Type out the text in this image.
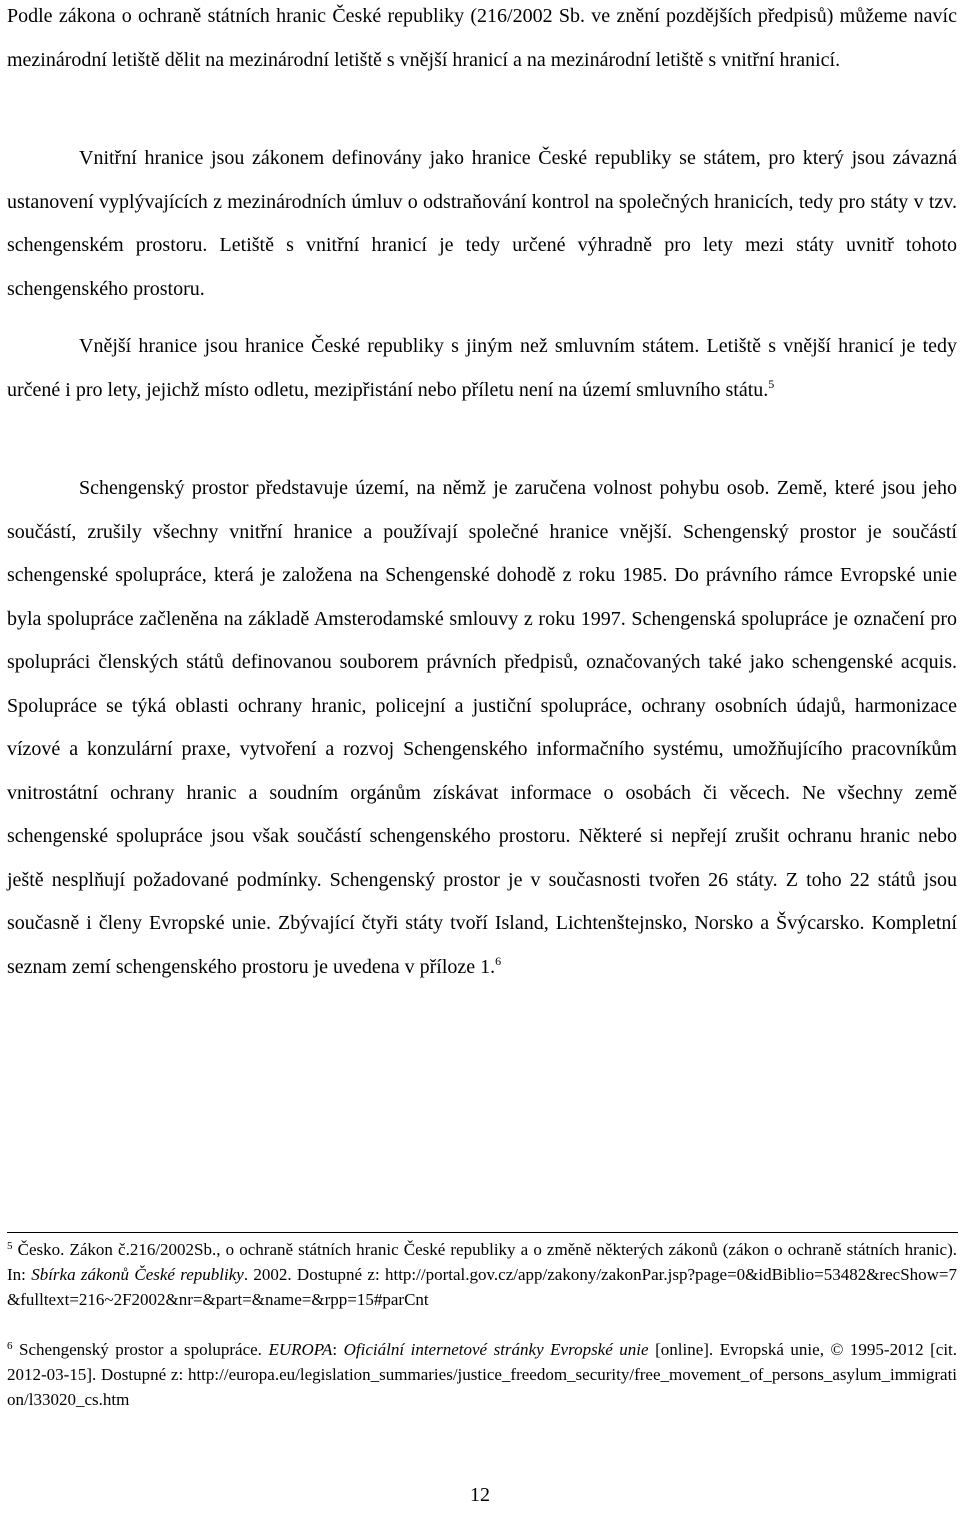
Podle zákona o ochraně státních hranic České republiky (216/2002 Sb. ve znění pozdějších předpisů) můžeme navíc mezinárodní letiště dělit na mezinárodní letiště s vnější hranicí a na mezinárodní letiště s vnitřní hranicí.

Vnitřní hranice jsou zákonem definovány jako hranice České republiky se státem, pro který jsou závazná ustanovení vyplývajících z mezinárodních úmluv o odstraňování kontrol na společných hranicích, tedy pro státy v tzv. schengenském prostoru. Letiště s vnitřní hranicí je tedy určené výhradně pro lety mezi státy uvnitř tohoto schengenského prostoru.

Vnější hranice jsou hranice České republiky s jiným než smluvním státem. Letiště s vnější hranicí je tedy určené i pro lety, jejichž místo odletu, mezipřistání nebo příletu není na území smluvního státu.$^5$

Schengenský prostor představuje území, na němž je zaručena volnost pohybu osob. Země, které jsou jeho součástí, zrušily všechny vnitřní hranice a používají společné hranice vnější. Schengenský prostor je součástí schengenské spolupráce, která je založena na Schengenské dohodě z roku 1985. Do právního rámce Evropské unie byla spolupráce začleněna na základě Amsterodamské smlouvy z roku 1997. Schengenská spolupráce je označení pro spolupráci členských států definovanou souborem právních předpisů, označovaných také jako schengenské acquis. Spolupráce se týká oblasti ochrany hranic, policejní a justiční spolupráce, ochrany osobních údajů, harmonizace vízové a konzulární praxe, vytvoření a rozvoj Schengenského informačního systému, umožňujícího pracovníkům vnitrostátní ochrany hranic a soudním orgánům získávat informace o osobách či věcech. Ne všechny země schengenské spolupráce jsou však součástí schengenského prostoru. Některé si nepřejí zrušit ochranu hranic nebo ještě nesplňují požadované podmínky. Schengenský prostor je v současnosti tvořen 26 státy. Z toho 22 států jsou současně i členy Evropské unie. Zbývající čtyři státy tvoří Island, Lichtenštejnsko, Norsko a Švýcarsko. Kompletní seznam zemí schengenského prostoru je uvedena v příloze 1.$^6$

$^5$ Česko. Zákon č.216/2002Sb., o ochraně státních hranic České republiky a o změně některých zákonů (zákon o ochraně státních hranic). In: Sbírka zákonů České republiky. 2002. Dostupné z: http://portal.gov.cz/app/zakony/zakonPar.jsp?page=0&idBiblio=53482&recShow=7&fulltext=216~2F2002&nr=&part=&name=&rpp=15#parCnt

$^6$ Schengenský prostor a spolupráce. EUROPA: Oficiální internetové stránky Evropské unie [online]. Evropská unie, © 1995-2012 [cit. 2012-03-15]. Dostupné z: http://europa.eu/legislation_summaries/justice_freedom_security/free_movement_of_persons_asylum_immigration/l33020_cs.htm

12
